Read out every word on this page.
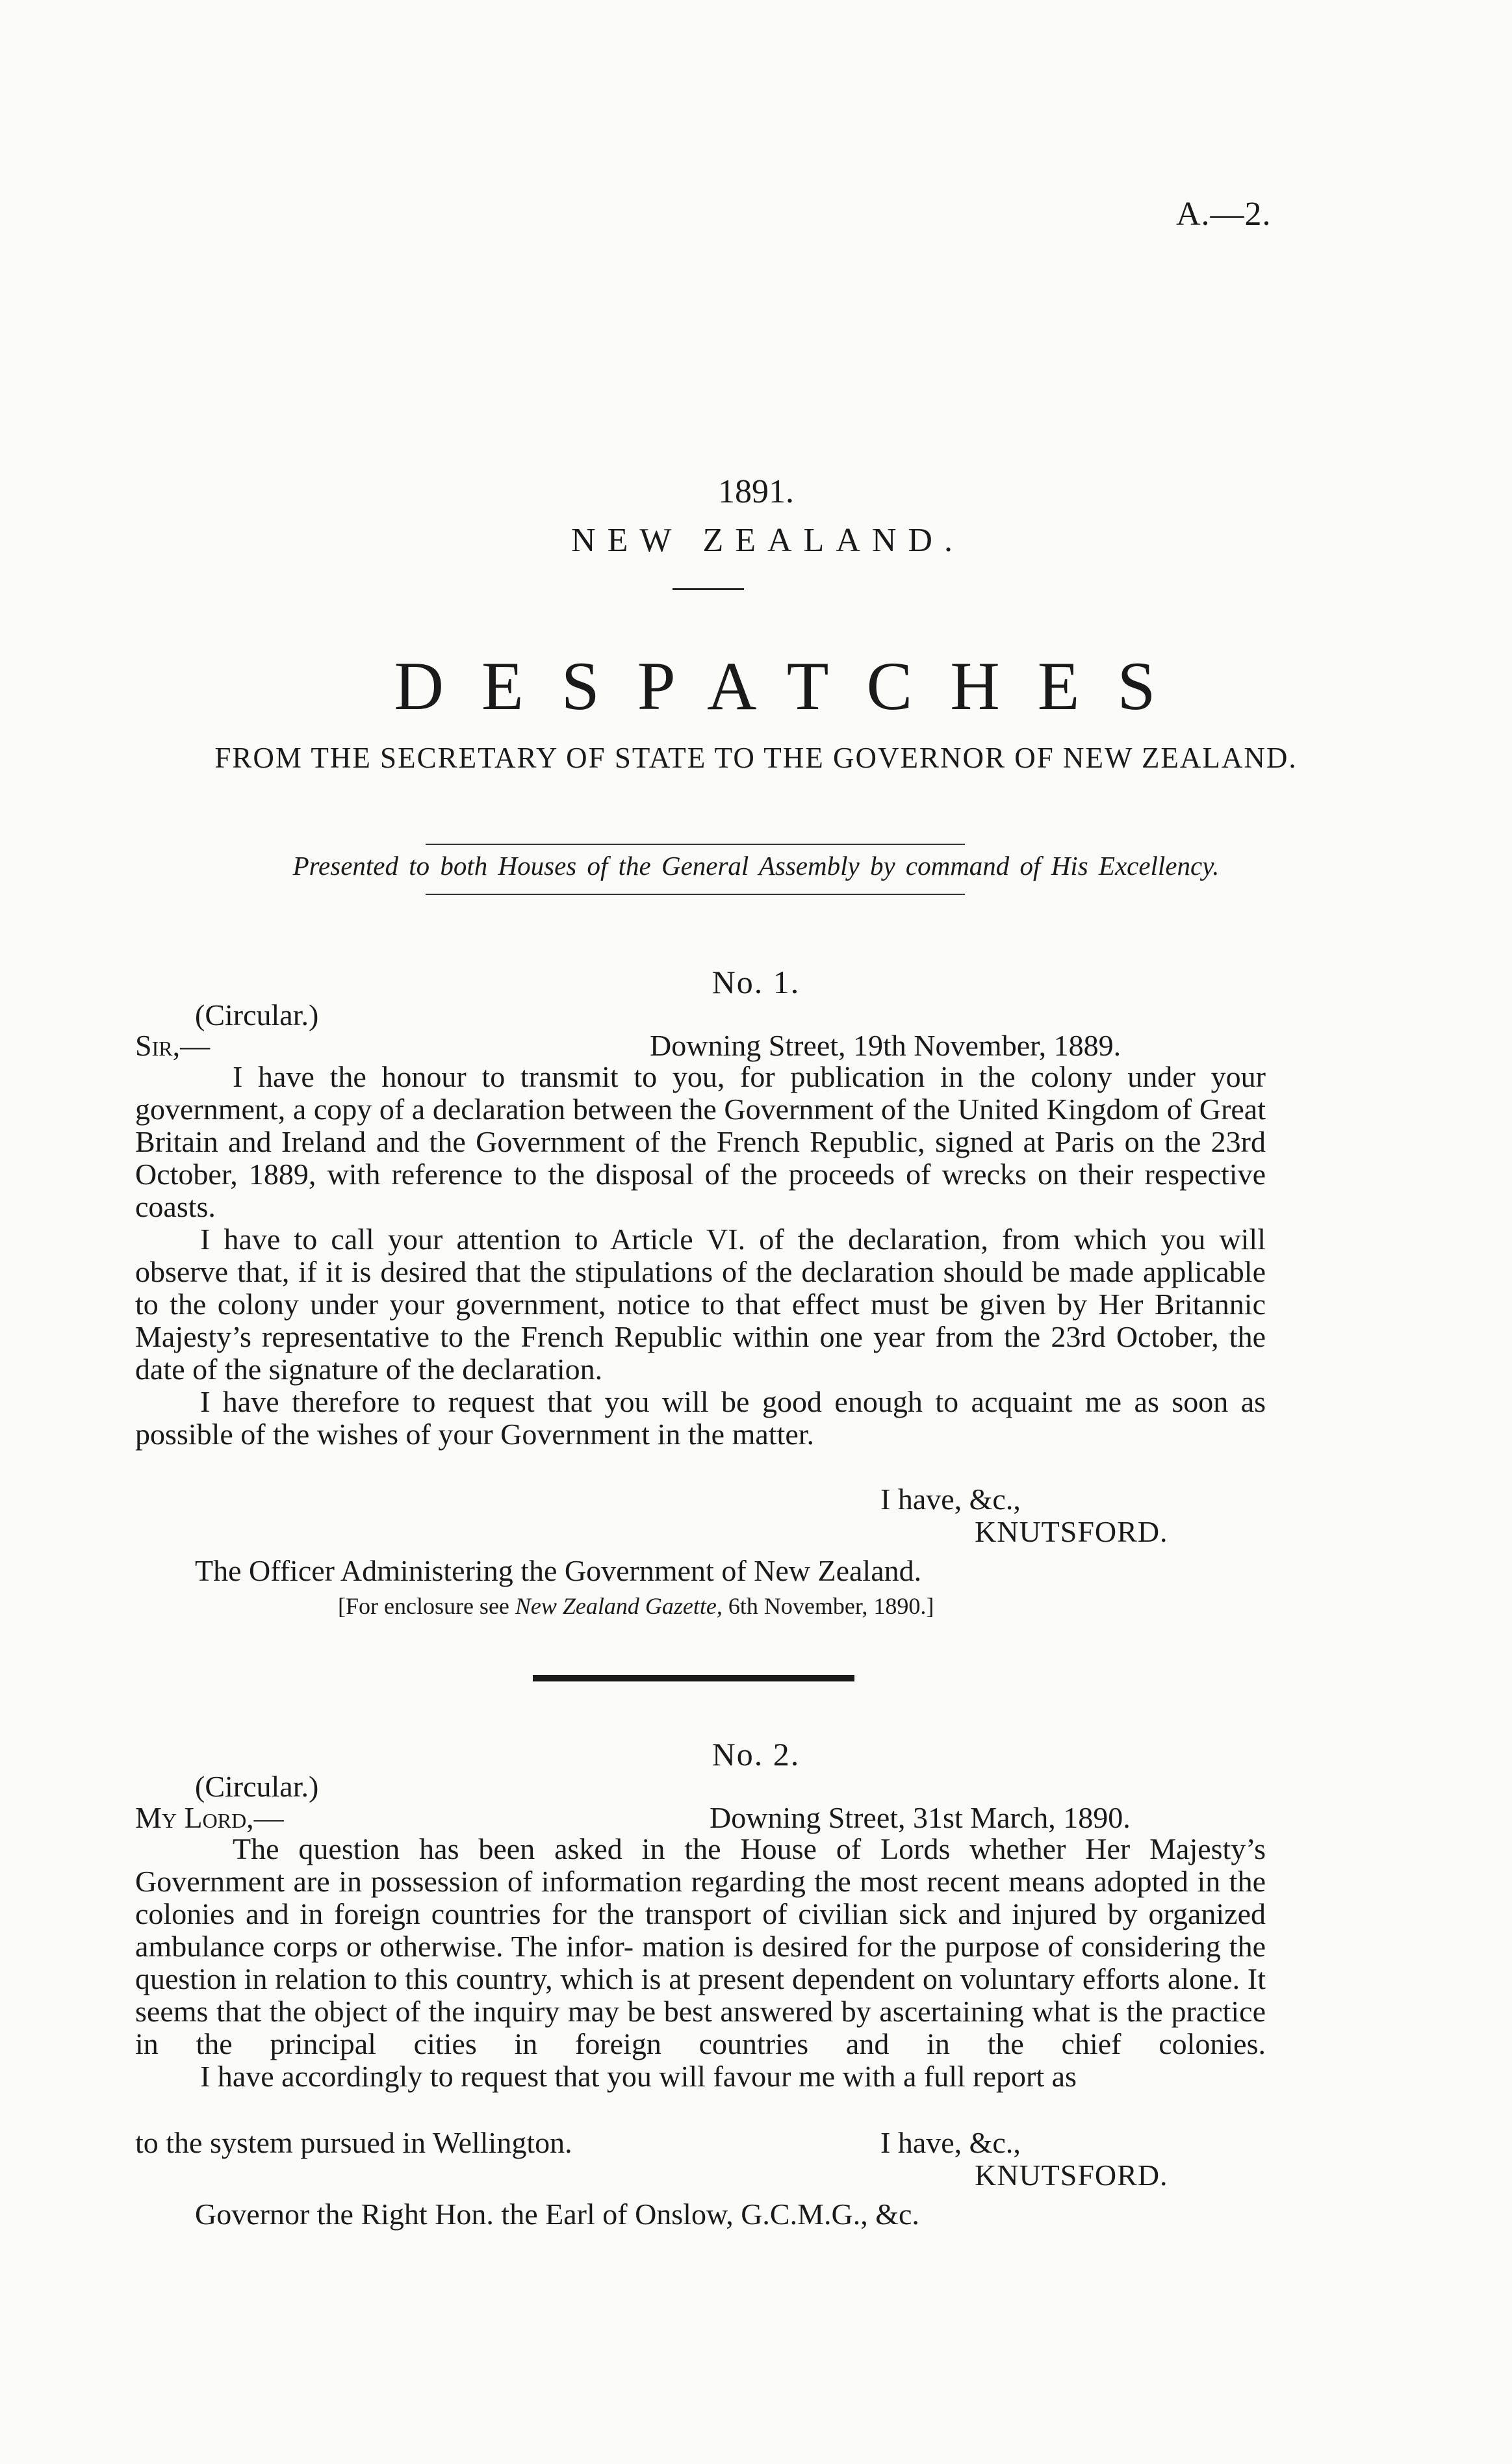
A.—2.
1891.
NEW ZEALAND.
DESPATCHES
FROM THE SECRETARY OF STATE TO THE GOVERNOR OF NEW ZEALAND.
Presented to both Houses of the General Assembly by command of His Excellency.
No. 1.
(Circular.)
Sir,—	Downing Street, 19th November, 1889.

I have the honour to transmit to you, for publication in the colony under your government, a copy of a declaration between the Government of the United Kingdom of Great Britain and Ireland and the Government of the French Republic, signed at Paris on the 23rd October, 1889, with reference to the disposal of the proceeds of wrecks on their respective coasts.

I have to call your attention to Article VI. of the declaration, from which you will observe that, if it is desired that the stipulations of the declaration should be made applicable to the colony under your government, notice to that effect must be given by Her Britannic Majesty’s representative to the French Republic within one year from the 23rd October, the date of the signature of the declaration.

I have therefore to request that you will be good enough to acquaint me as soon as possible of the wishes of your Government in the matter.

I have, &c.,
KNUTSFORD.
The Officer Administering the Government of New Zealand.
[For enclosure see New Zealand Gazette, 6th November, 1890.]
No. 2.
(Circular.)
My Lord,—	Downing Street, 31st March, 1890.

The question has been asked in the House of Lords whether Her Majesty’s Government are in possession of information regarding the most recent means adopted in the colonies and in foreign countries for the transport of civilian sick and injured by organized ambulance corps or otherwise. The infor- mation is desired for the purpose of considering the question in relation to this country, which is at present dependent on voluntary efforts alone. It seems that the object of the inquiry may be best answered by ascertaining what is the practice in the principal cities in foreign countries and in the chief colonies.

I have accordingly to request that you will favour me with a full report as

to the system pursued in Wellington.	I have, &c.,
KNUTSFORD.
Governor the Right Hon. the Earl of Onslow, G.C.M.G., &c.
